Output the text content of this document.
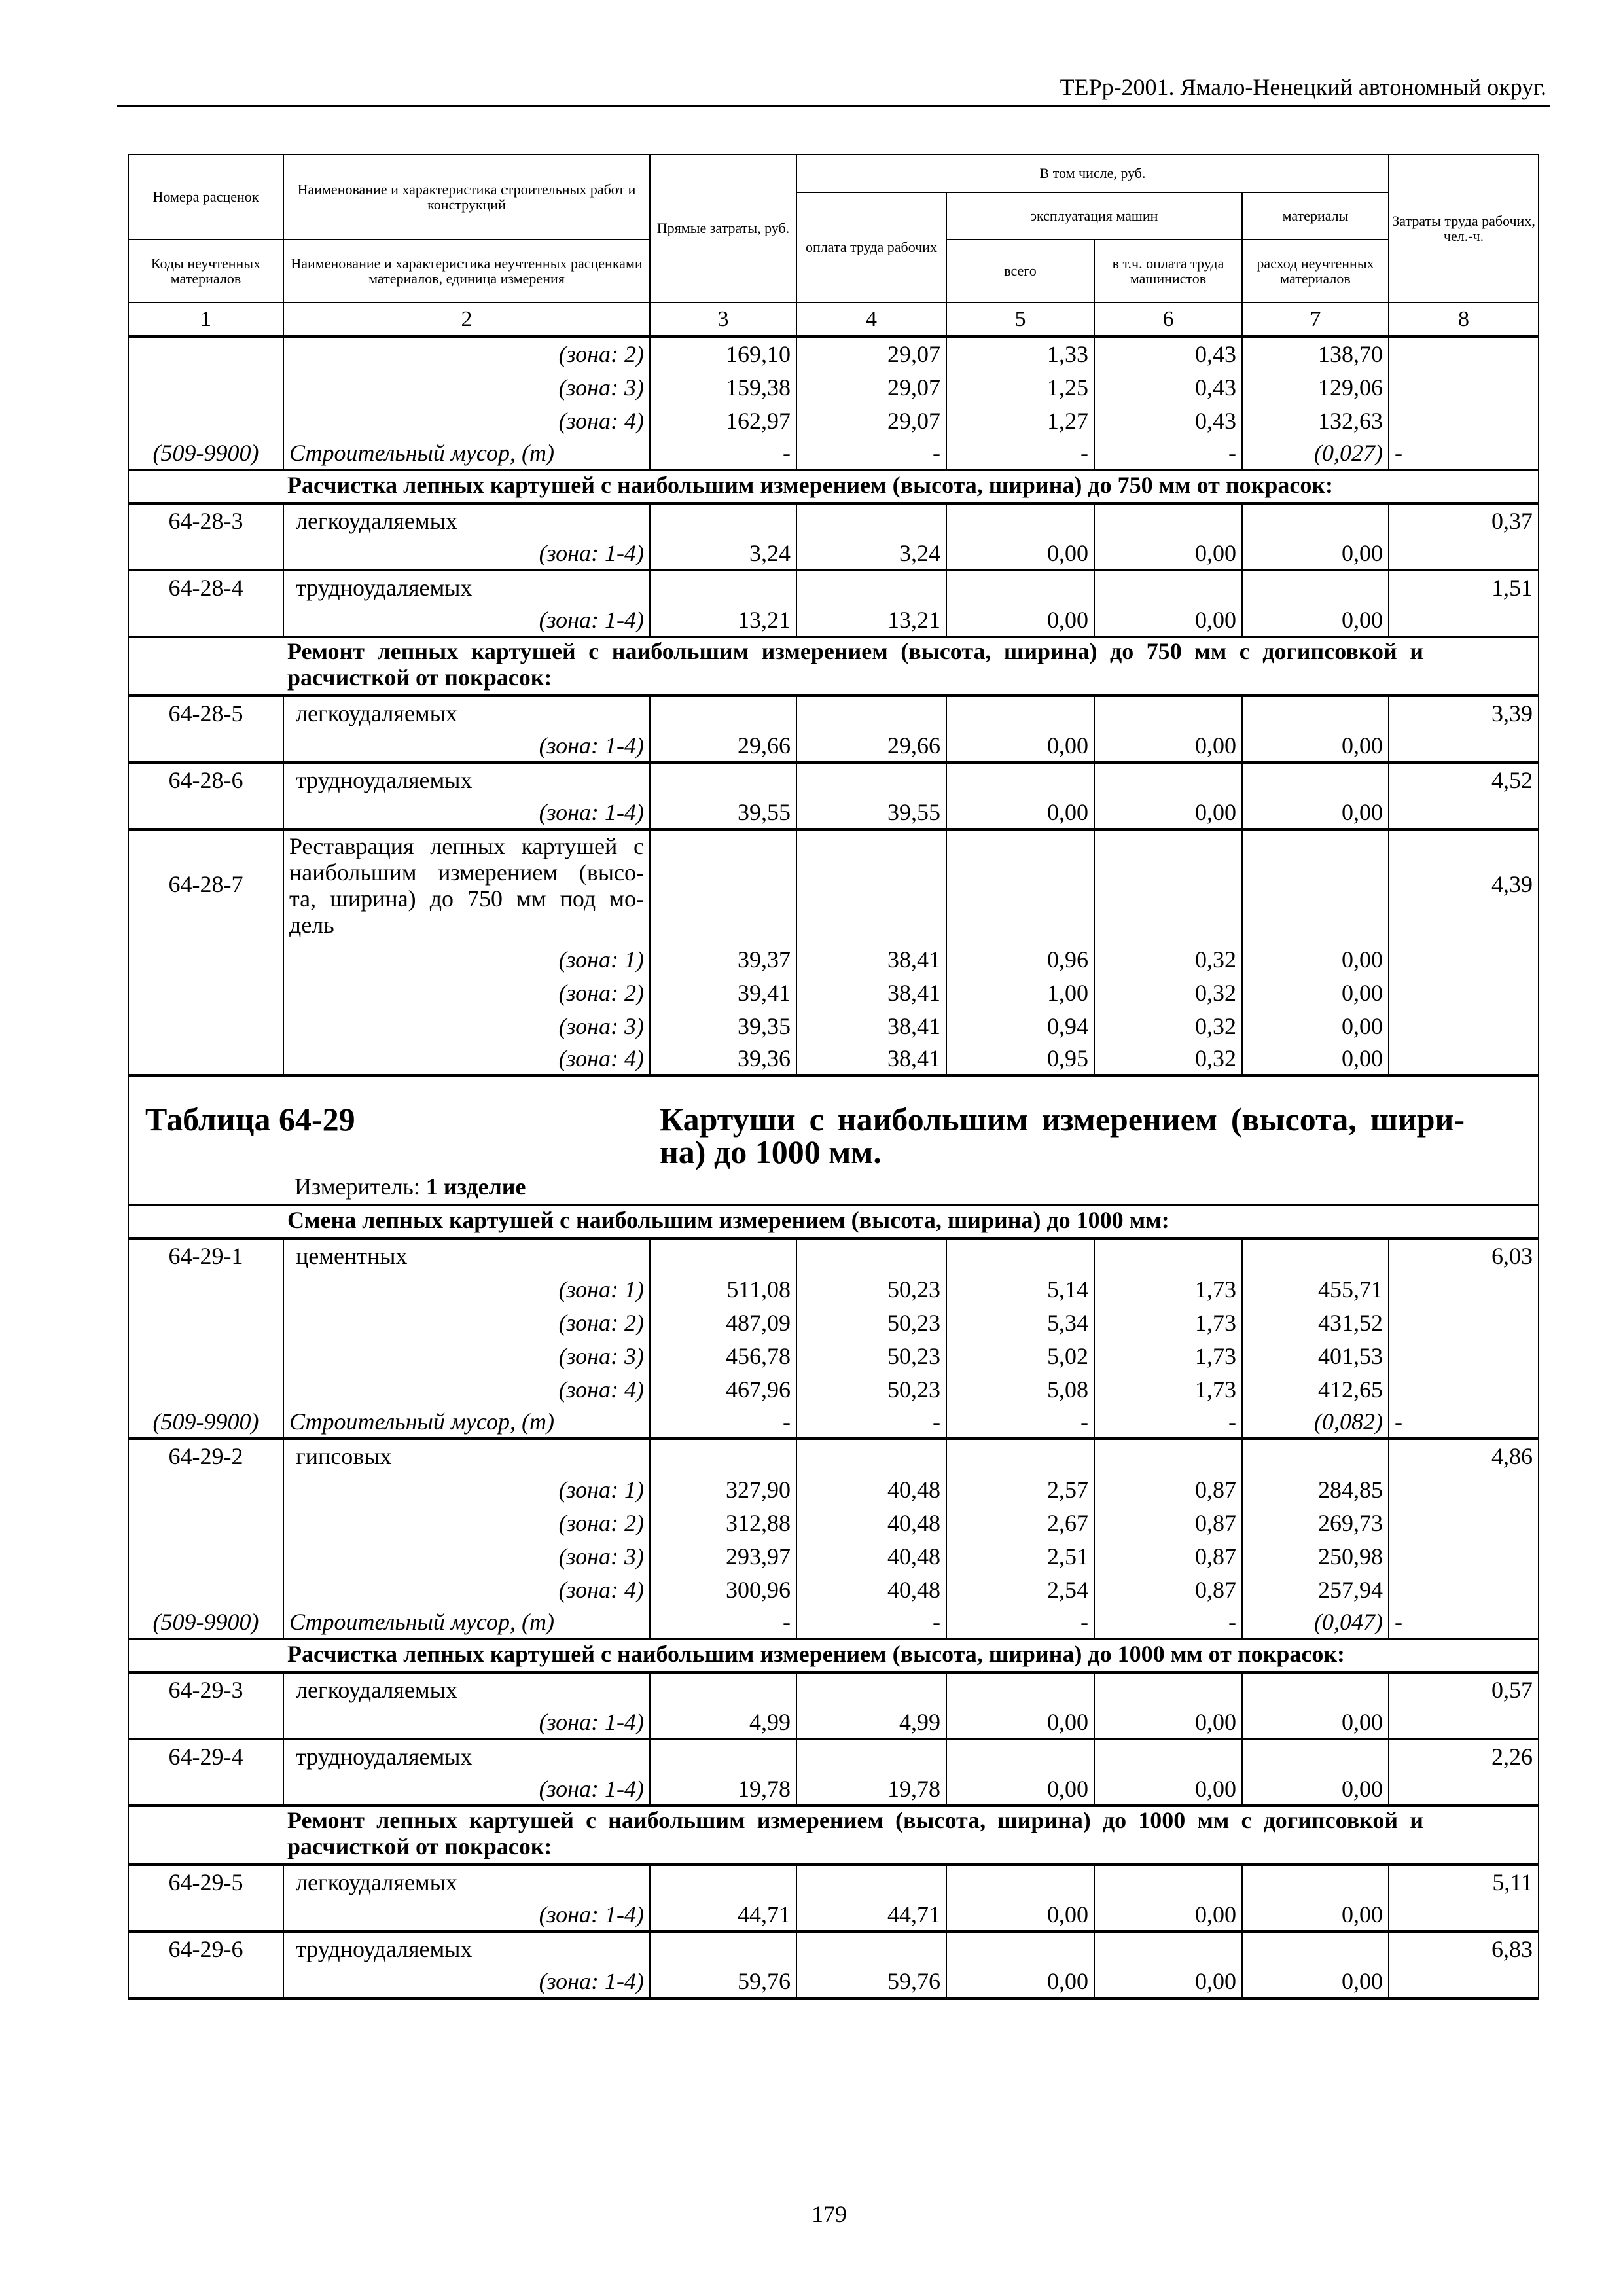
ТЕРр-2001. Ямало-Ненецкий автономный округ.
Номера расценок	Наименование и характеристика строительных работ и конструкций	Прямые затраты, руб.	В том числе, руб.				Затраты труда рабочих, чел.-ч.
			оплата труда рабочих	эксплуатация машин		материалы	
Коды неучтенных материалов	Наименование и характеристика неучтенных расценками материалов, единица измерения			всего	в т.ч. оплата труда машинистов	расход неучтенных материалов	
1	2	3	4	5	6	7	8
	(зона: 2)	169,10	29,07	1,33	0,43	138,70	
	(зона: 3)	159,38	29,07	1,25	0,43	129,06	
	(зона: 4)	162,97	29,07	1,27	0,43	132,63	
(509-9900)	Строительный мусор, (т)	-	-	-	-	(0,027)	-
Расчистка лепных картушей с наибольшим измерением (высота, ширина) до 750 мм от покрасок:							
64-28-3	легкоудаляемых						0,37
	(зона: 1-4)	3,24	3,24	0,00	0,00	0,00	
64-28-4	трудноудаляемых						1,51
	(зона: 1-4)	13,21	13,21	0,00	0,00	0,00	

Ремонт лепных картушей с наибольшим измерением (высота, ширина) до 750 мм с догипсовкой и
расчисткой от покрасок:							

64-28-5	легкоудаляемых						3,39
	(зона: 1-4)	29,66	29,66	0,00	0,00	0,00	
64-28-6	трудноудаляемых						4,52
	(зона: 1-4)	39,55	39,55	0,00	0,00	0,00	
64-28-7	Реставрация лепных картушей с
наибольшим измерением (высо-
та, ширина) до 750 мм под мо-
дель						4,39
	(зона: 1)	39,37	38,41	0,96	0,32	0,00	
	(зона: 2)	39,41	38,41	1,00	0,32	0,00	
	(зона: 3)	39,35	38,41	0,94	0,32	0,00	
	(зона: 4)	39,36	38,41	0,95	0,32	0,00	

Таблица 64-29 Картуши с наибольшим измерением (высота, шири-
на) до 1000 мм.
Измеритель: 1 изделие							

Смена лепных картушей с наибольшим измерением (высота, ширина) до 1000 мм:							
64-29-1	цементных						6,03
	(зона: 1)	511,08	50,23	5,14	1,73	455,71	
	(зона: 2)	487,09	50,23	5,34	1,73	431,52	
	(зона: 3)	456,78	50,23	5,02	1,73	401,53	
	(зона: 4)	467,96	50,23	5,08	1,73	412,65	
(509-9900)	Строительный мусор, (т)	-	-	-	-	(0,082)	-
64-29-2	гипсовых						4,86
	(зона: 1)	327,90	40,48	2,57	0,87	284,85	
	(зона: 2)	312,88	40,48	2,67	0,87	269,73	
	(зона: 3)	293,97	40,48	2,51	0,87	250,98	
	(зона: 4)	300,96	40,48	2,54	0,87	257,94	
(509-9900)	Строительный мусор, (т)	-	-	-	-	(0,047)	-
Расчистка лепных картушей с наибольшим измерением (высота, ширина) до 1000 мм от покрасок:							
64-29-3	легкоудаляемых						0,57
	(зона: 1-4)	4,99	4,99	0,00	0,00	0,00	
64-29-4	трудноудаляемых						2,26
	(зона: 1-4)	19,78	19,78	0,00	0,00	0,00	

Ремонт лепных картушей с наибольшим измерением (высота, ширина) до 1000 мм с догипсовкой и
расчисткой от покрасок:							

64-29-5	легкоудаляемых						5,11
	(зона: 1-4)	44,71	44,71	0,00	0,00	0,00	
64-29-6	трудноудаляемых						6,83
	(зона: 1-4)	59,76	59,76	0,00	0,00	0,00	
179
